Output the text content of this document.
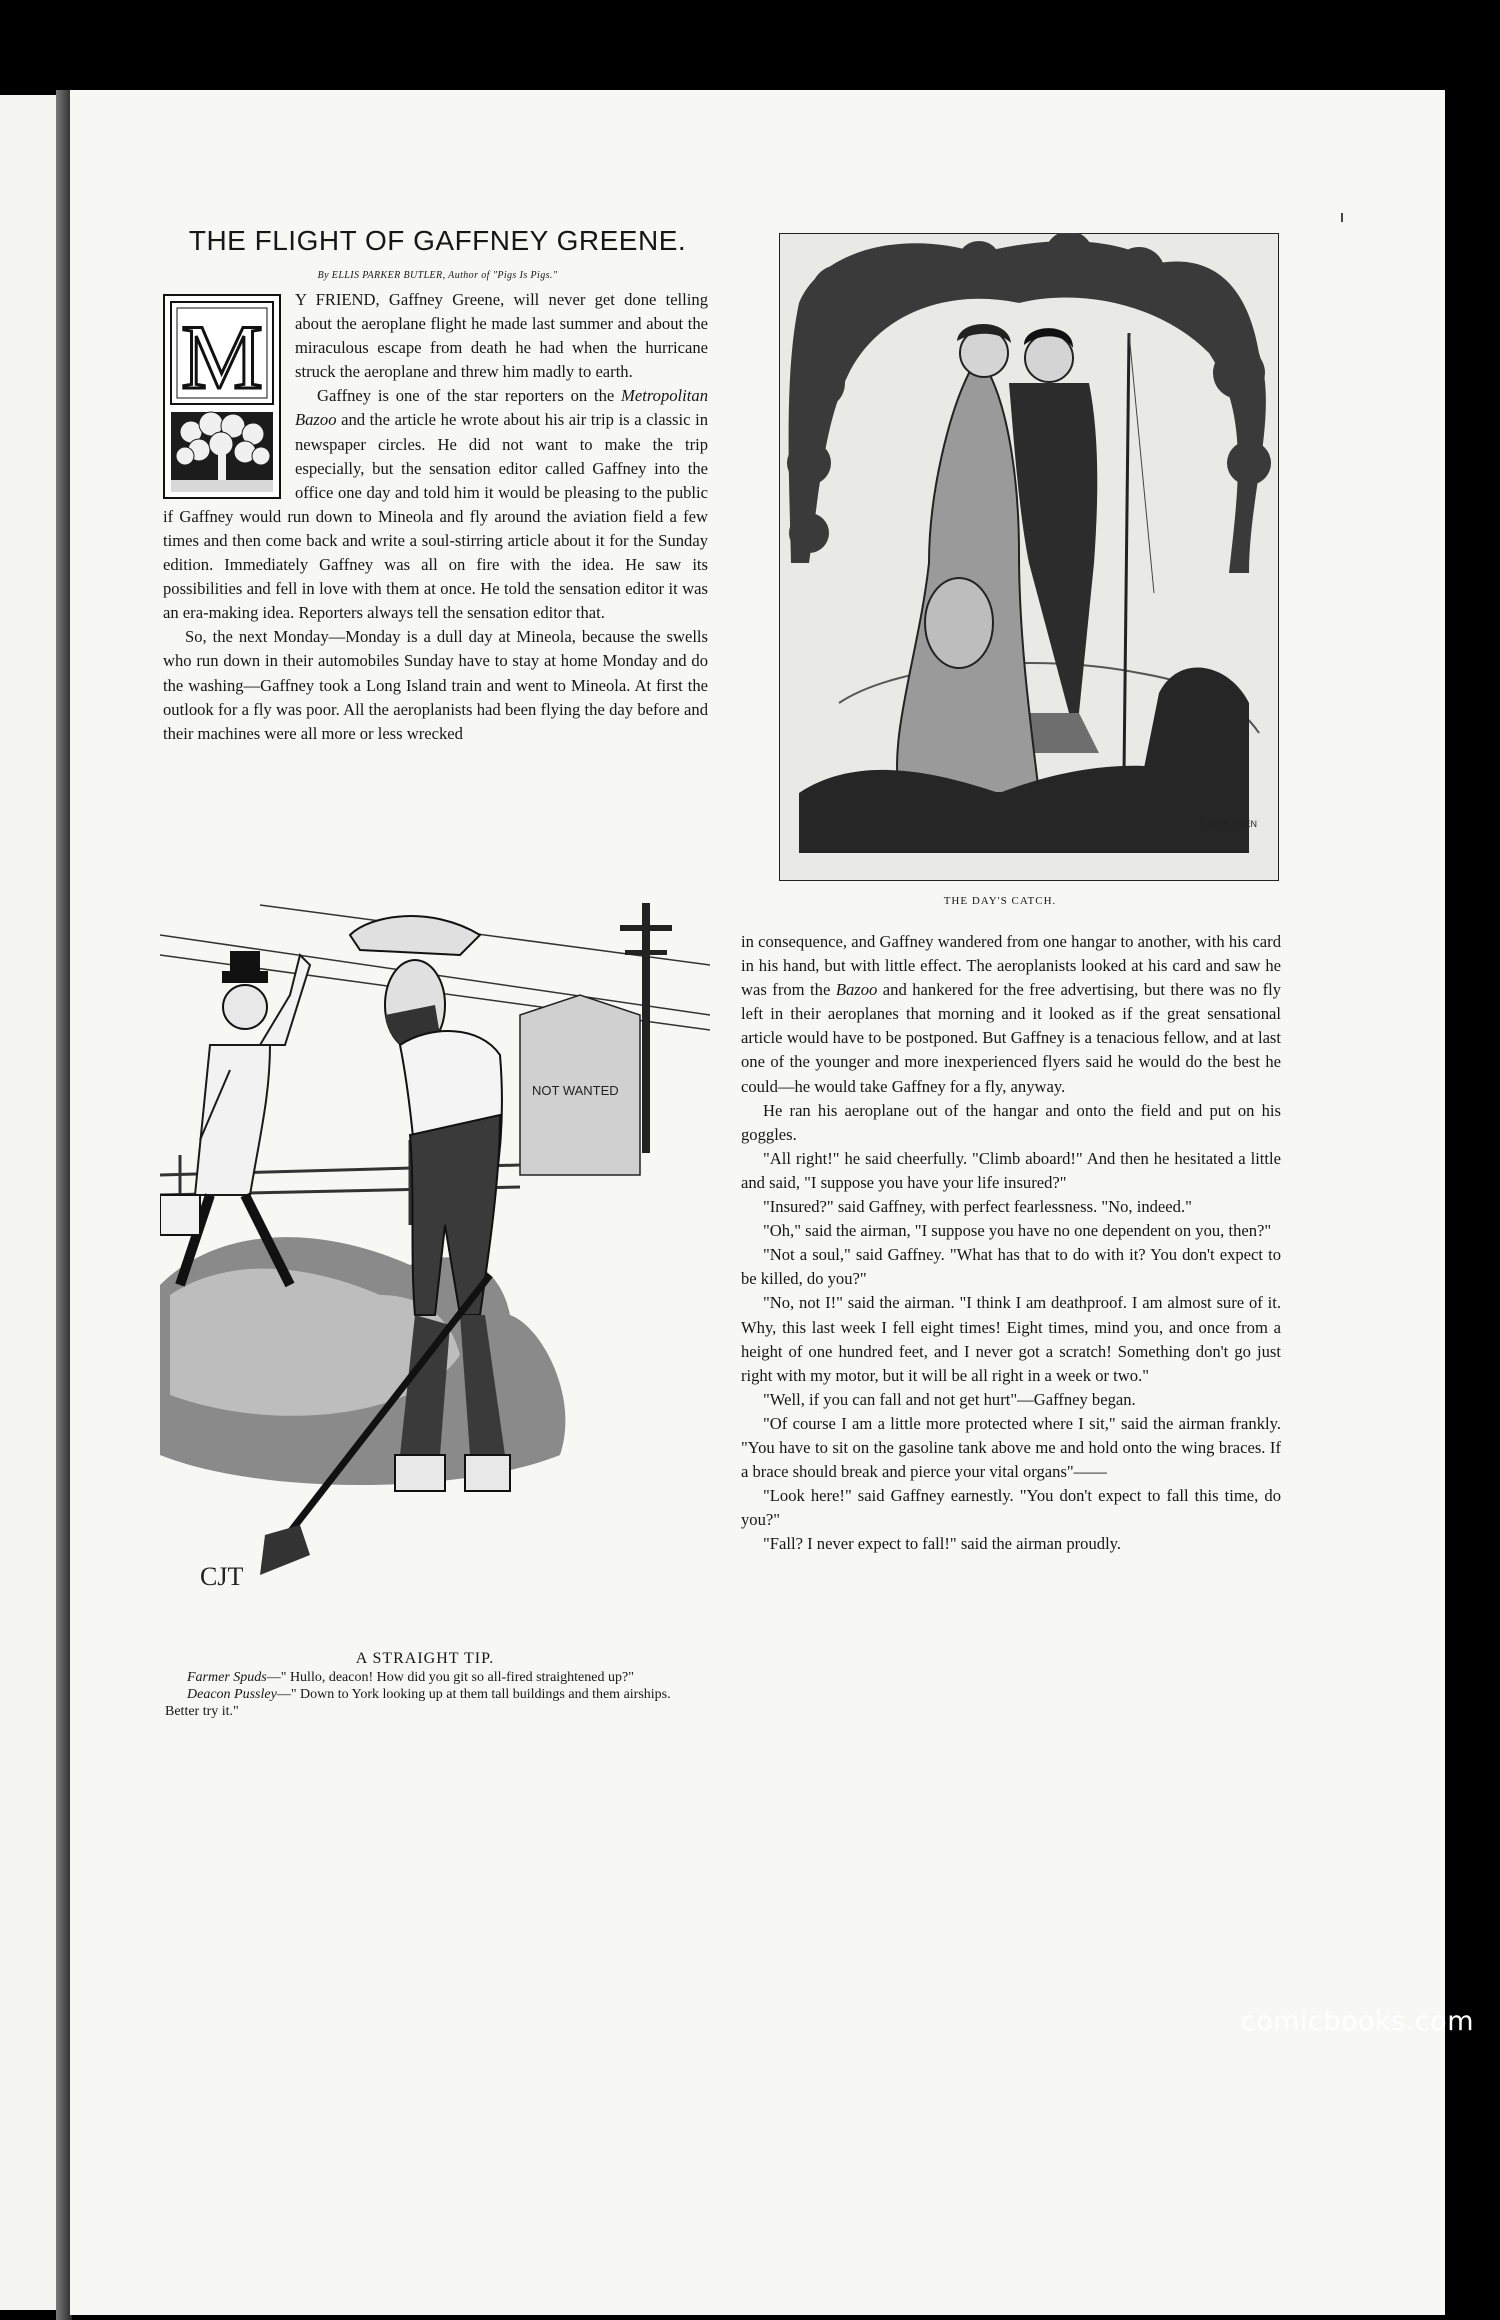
THE FLIGHT OF GAFFNEY GREENE.
By ELLIS PARKER BUTLER, Author of "Pigs Is Pigs."
M

Y FRIEND, Gaffney Greene, will never get done telling about the aeroplane flight he made last summer and about the miraculous escape from death he had when the hurricane struck the aeroplane and threw him madly to earth.

Gaffney is one of the star reporters on the Metropolitan Bazoo and the article he wrote about his air trip is a classic in newspaper circles. He did not want to make the trip especially, but the sensation editor called Gaffney into the office one day and told him it would be pleasing to the public if Gaffney would run down to Mineola and fly around the aviation field a few times and then come back and write a soul-stirring article about it for the Sunday edition. Immediately Gaffney was all on fire with the idea. He saw its possibilities and fell in love with them at once. He told the sensation editor it was an era-making idea. Reporters always tell the sensation editor that.

So, the next Monday—Monday is a dull day at Mineola, because the swells who run down in their automobiles Sunday have to stay at home Monday and do the washing—Gaffney took a Long Island train and went to Mineola. At first the outlook for a fly was poor. All the aeroplanists had been flying the day before and their machines were all more or less wrecked

H.APPERSEN
THE DAY'S CATCH.
NOT WANTED
CJT
A STRAIGHT TIP.
Farmer Spuds—" Hullo, deacon! How did you git so all-fired straightened up?"
Deacon Pussley—" Down to York looking up at them tall buildings and them airships. Better try it."

in consequence, and Gaffney wandered from one hangar to another, with his card in his hand, but with little effect. The aeroplanists looked at his card and saw he was from the Bazoo and hankered for the free advertising, but there was no fly left in their aeroplanes that morning and it looked as if the great sensational article would have to be postponed. But Gaffney is a tenacious fellow, and at last one of the younger and more inexperienced flyers said he would do the best he could—he would take Gaffney for a fly, anyway.

He ran his aeroplane out of the hangar and onto the field and put on his goggles.

"All right!" he said cheerfully. "Climb aboard!" And then he hesitated a little and said, "I suppose you have your life insured?"

"Insured?" said Gaffney, with perfect fearlessness. "No, indeed."

"Oh," said the airman, "I suppose you have no one dependent on you, then?"

"Not a soul," said Gaffney. "What has that to do with it? You don't expect to be killed, do you?"

"No, not I!" said the airman. "I think I am deathproof. I am almost sure of it. Why, this last week I fell eight times! Eight times, mind you, and once from a height of one hundred feet, and I never got a scratch! Something don't go just right with my motor, but it will be all right in a week or two."

"Well, if you can fall and not get hurt"—Gaffney began.

"Of course I am a little more protected where I sit," said the airman frankly. "You have to sit on the gasoline tank above me and hold onto the wing braces. If a brace should break and pierce your vital organs"——

"Look here!" said Gaffney earnestly. "You don't expect to fall this time, do you?"

"Fall? I never expect to fall!" said the airman proudly.

comicbooks.com
